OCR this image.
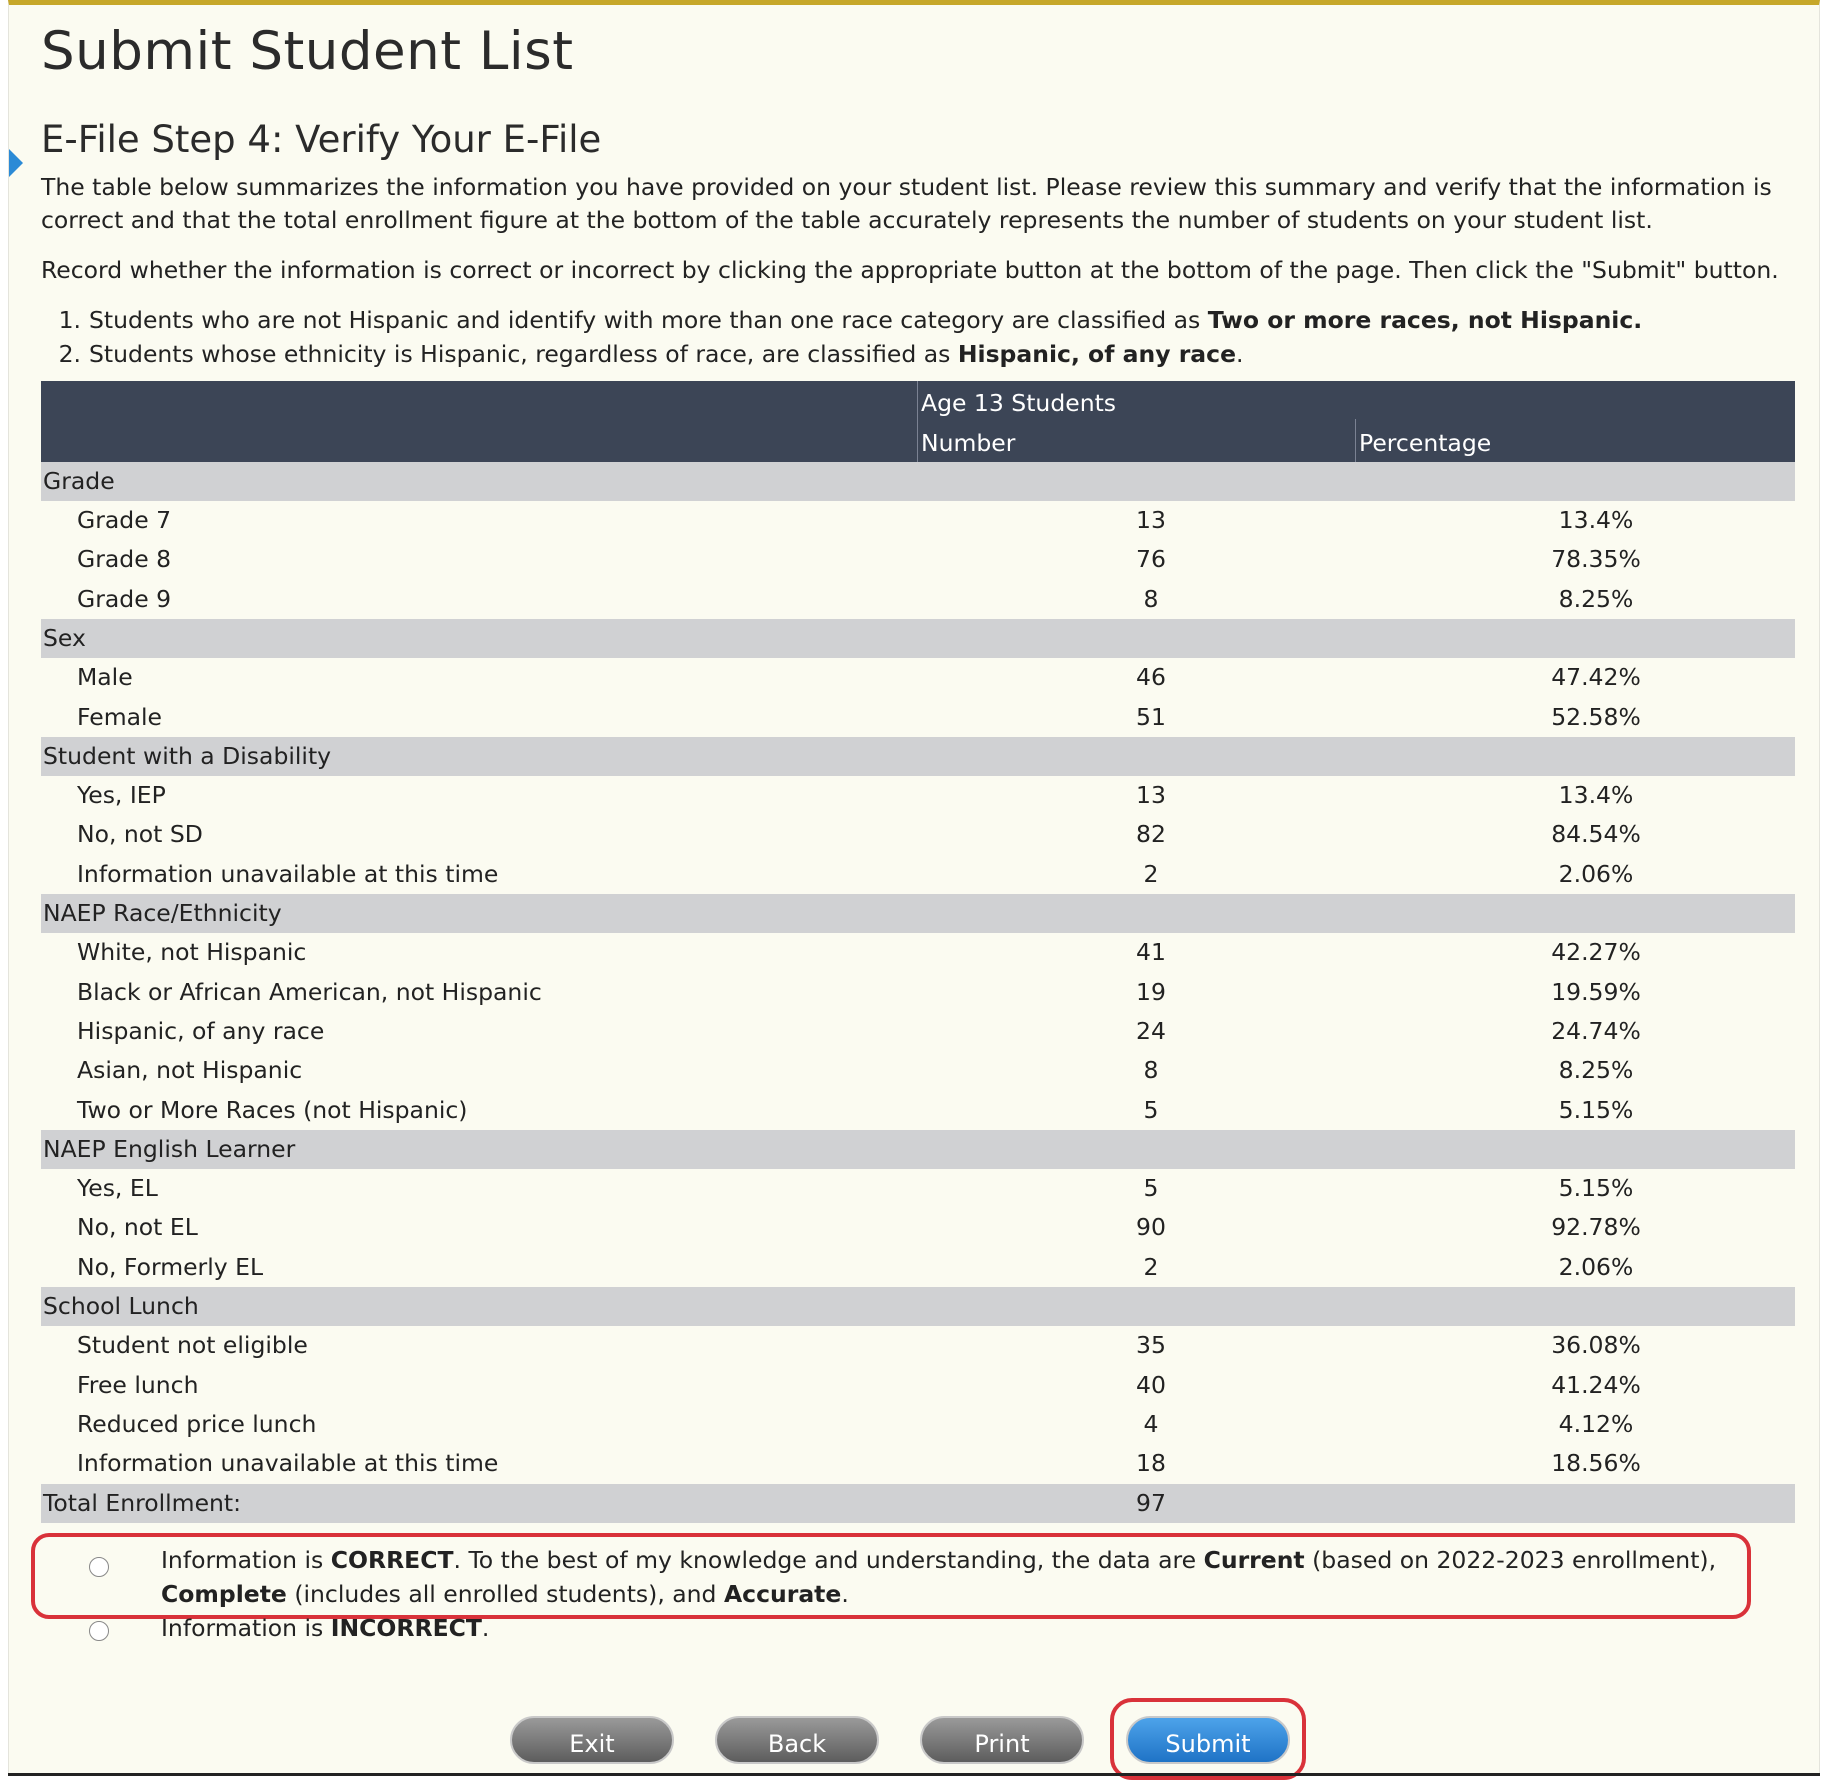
Submit Student List
E-File Step 4: Verify Your E-File

The table below summarizes the information you have provided on your student list. Please review this summary and verify that the information is correct and that the total enrollment figure at the bottom of the table accurately represents the number of students on your student list.

Record whether the information is correct or incorrect by clicking the appropriate button at the bottom of the page. Then click the "Submit" button.

1. Students who are not Hispanic and identify with more than one race category are classified as Two or more races, not Hispanic.
2. Students whose ethnicity is Hispanic, regardless of race, are classified as Hispanic, of any race.
Age 13 Students
Number	Percentage
Grade
Grade 7	13	13.4%
Grade 8	76	78.35%
Grade 9	8	8.25%
Sex
Male	46	47.42%
Female	51	52.58%
Student with a Disability
Yes, IEP	13	13.4%
No, not SD	82	84.54%
Information unavailable at this time	2	2.06%
NAEP Race/Ethnicity
White, not Hispanic	41	42.27%
Black or African American, not Hispanic	19	19.59%
Hispanic, of any race	24	24.74%
Asian, not Hispanic	8	8.25%
Two or More Races (not Hispanic)	5	5.15%
NAEP English Learner
Yes, EL	5	5.15%
No, not EL	90	92.78%
No, Formerly EL	2	2.06%
School Lunch
Student not eligible	35	36.08%
Free lunch	40	41.24%
Reduced price lunch	4	4.12%
Information unavailable at this time	18	18.56%
Total Enrollment:	97
Information is CORRECT. To the best of my knowledge and understanding, the data are Current (based on 2022-2023 enrollment), Complete (includes all enrolled students), and Accurate.
Information is INCORRECT.
Exit	Back	Print	Submit
